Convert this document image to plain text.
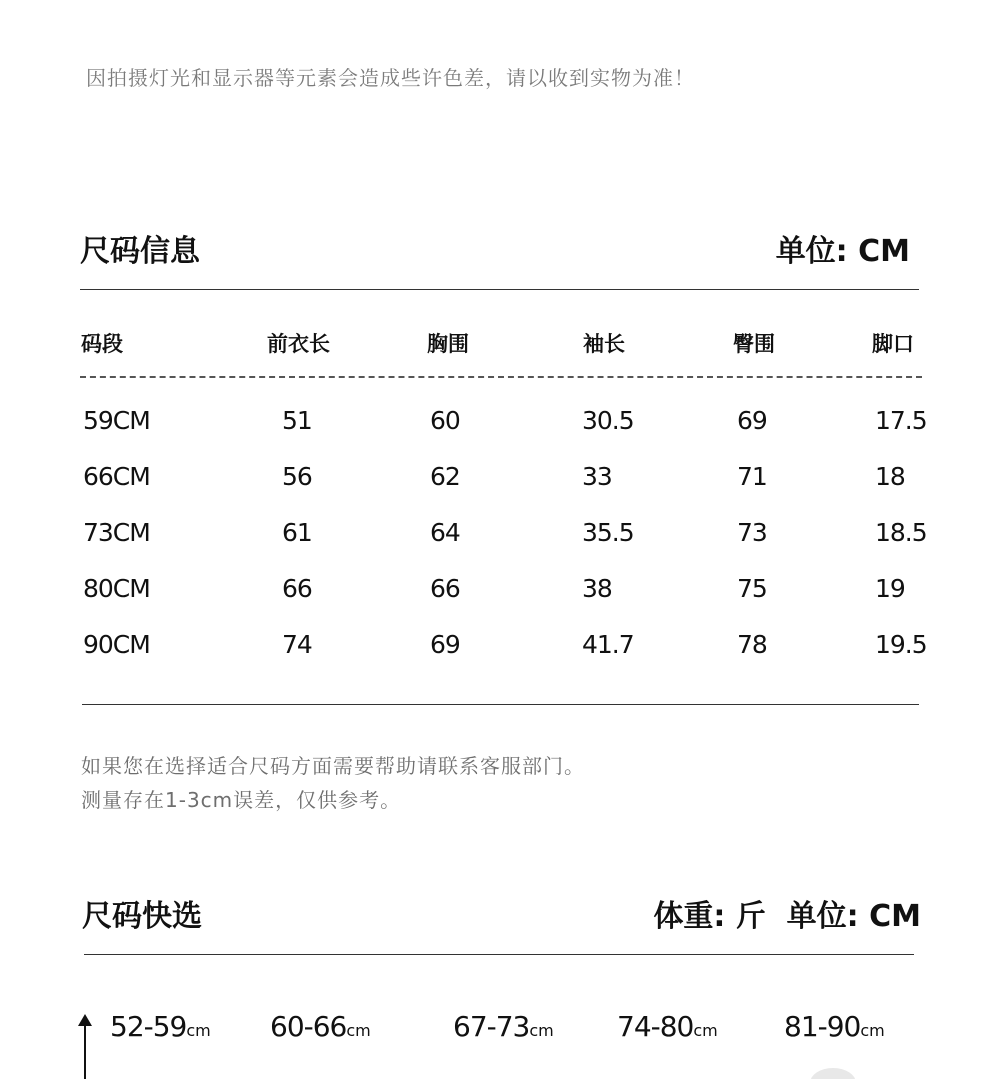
因拍摄灯光和显示器等元素会造成些许色差，请以收到实物为准！
尺码信息	单位: CM
码段	前衣长	胸围	袖长	臀围	脚口
59CM	51	60	30.5	69	17.5
66CM	56	62	33	71	18
73CM	61	64	35.5	73	18.5
80CM	66	66	38	75	19
90CM	74	69	41.7	78	19.5
如果您在选择适合尺码方面需要帮助请联系客服部门。
测量存在1-3cm误差，仅供参考。
尺码快选	体重: 斤  单位: CM
52-59cm 60-66cm	67-73cm 74-80cm 81-90cm
